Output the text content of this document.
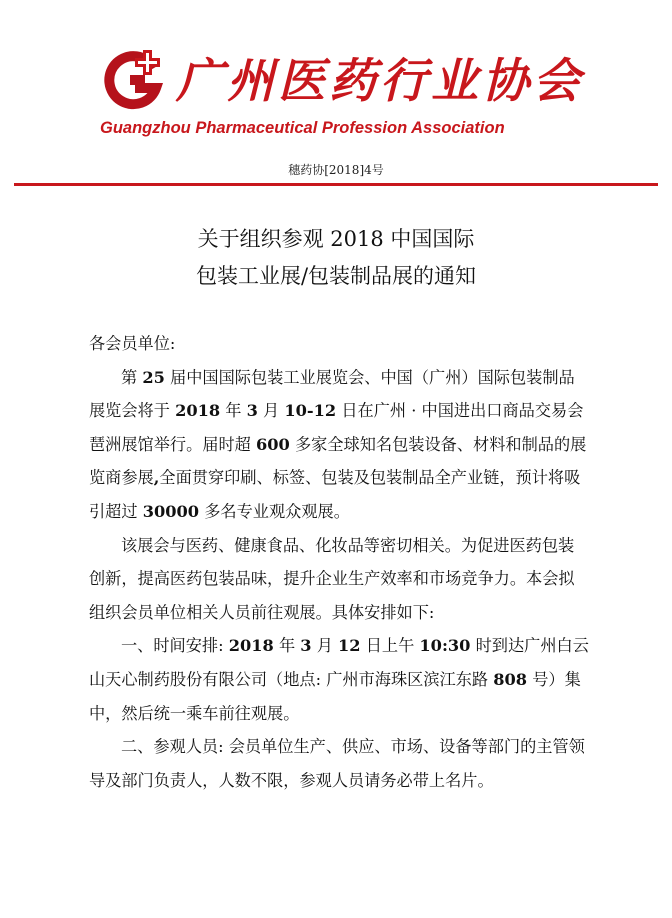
广州医药行业协会

Guangzhou Pharmaceutical Profession Association

穗药协[2018]4号

关于组织参观 2018 中国国际
包装工业展/包装制品展的通知

各会员单位:

第 25 届中国国际包装工业展览会、中国（广州）国际包装制品展览会将于 2018 年 3 月 10-12 日在广州 · 中国进出口商品交易会琶洲展馆举行。届时超 600 多家全球知名包装设备、材料和制品的展览商参展,全面贯穿印刷、标签、包装及包装制品全产业链，预计将吸引超过 30000 多名专业观众观展。

该展会与医药、健康食品、化妆品等密切相关。为促进医药包装创新，提高医药包装品味，提升企业生产效率和市场竞争力。本会拟组织会员单位相关人员前往观展。具体安排如下:

一、时间安排: 2018 年 3 月 12 日上午 10:30 时到达广州白云山天心制药股份有限公司（地点: 广州市海珠区滨江东路 808 号）集中，然后统一乘车前往观展。

二、参观人员: 会员单位生产、供应、市场、设备等部门的主管领导及部门负责人，人数不限，参观人员请务必带上名片。
